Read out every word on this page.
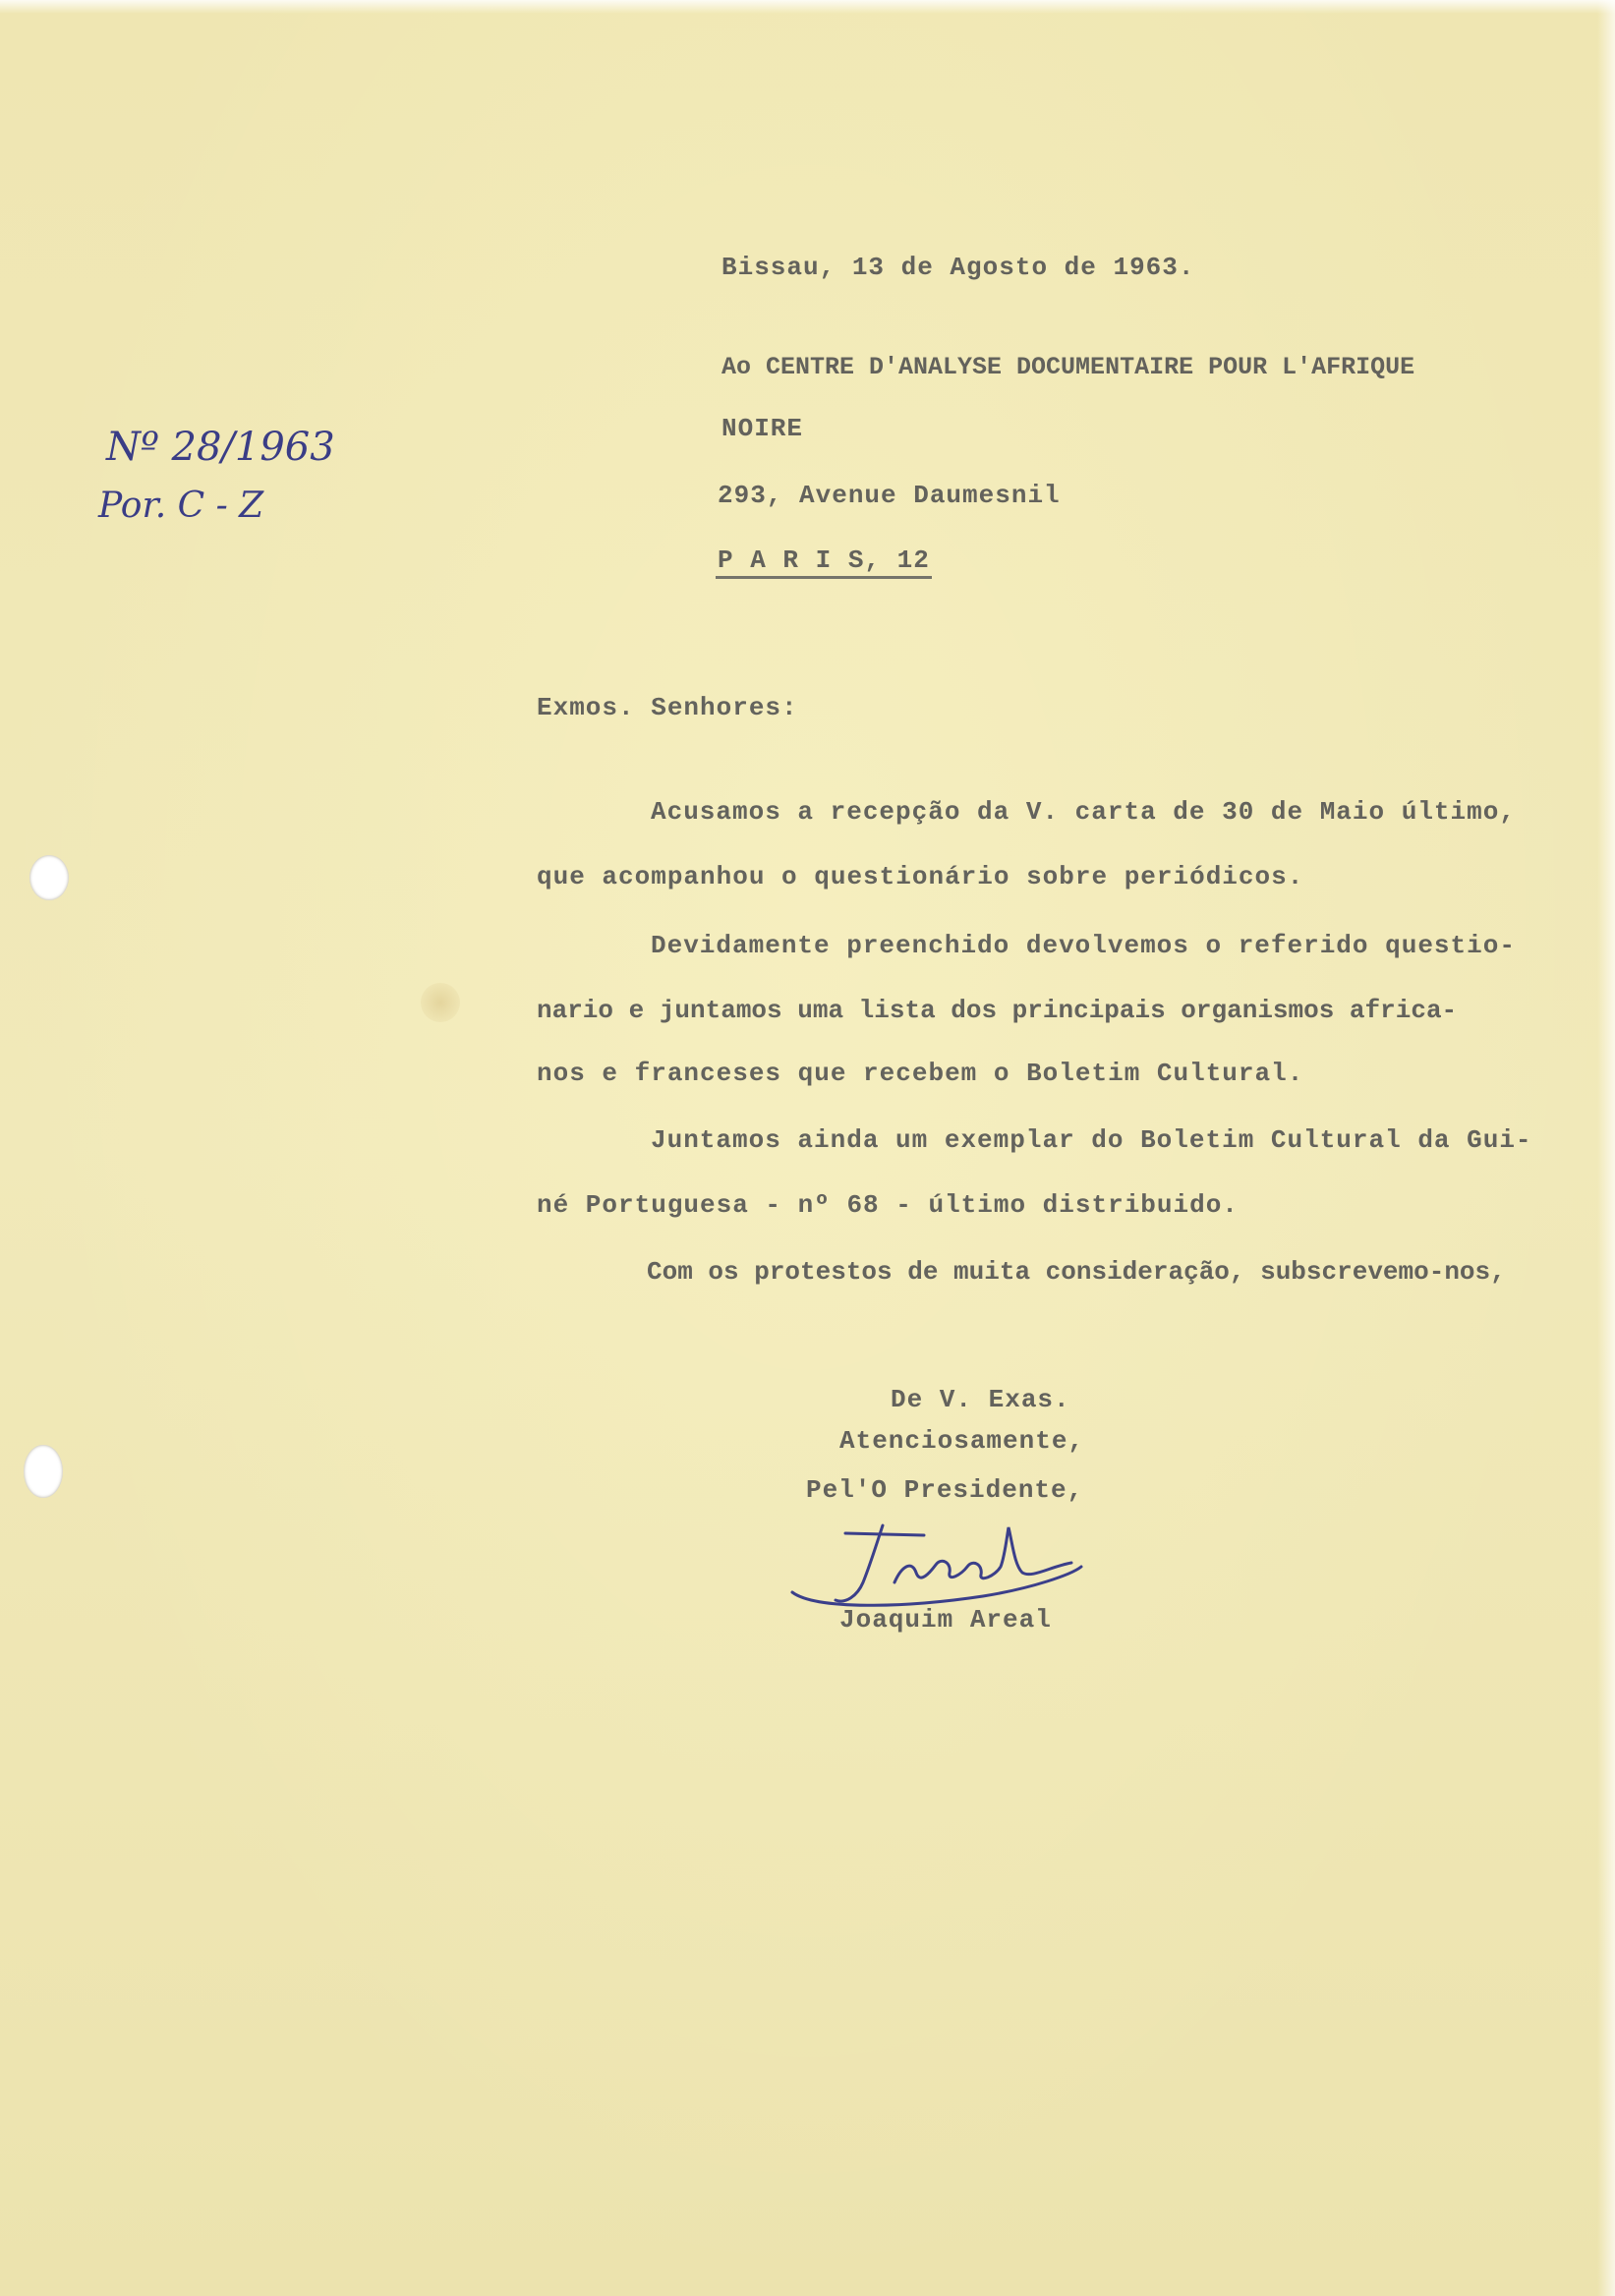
Nº 28/1963
Por. C - Z
Bissau, 13 de Agosto de 1963.
Ao CENTRE D'ANALYSE DOCUMENTAIRE POUR L'AFRIQUE
NOIRE
293, Avenue Daumesnil
P A R I S, 12
Exmos. Senhores:
Acusamos a recepção da V. carta de 30 de Maio último,
que acompanhou o questionário sobre periódicos.
Devidamente preenchido devolvemos o referido questio-
nario e juntamos uma lista dos principais organismos africa-
nos e franceses que recebem o Boletim Cultural.
Juntamos ainda um exemplar do Boletim Cultural da Gui-
né Portuguesa - nº 68 - último distribuido.
Com os protestos de muita consideração, subscrevemo-nos,
De V. Exas.
Atenciosamente,
Pel'O Presidente,
Joaquim Areal
